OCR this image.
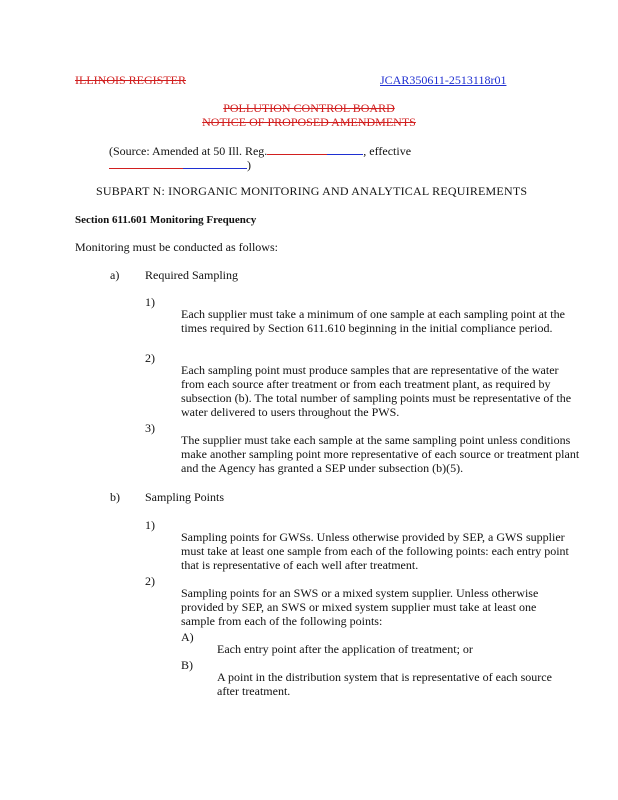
ILLINOIS REGISTER	JCAR350611-2513118r01

POLLUTION CONTROL BOARD

NOTICE OF PROPOSED AMENDMENTS

(Source: Amended at 50 Ill. Reg.	, effective
)

SUBPART N: INORGANIC MONITORING AND ANALYTICAL REQUIREMENTS

Section 611.601 Monitoring Frequency

Monitoring must be conducted as follows:

a) Required Sampling

1)

Each supplier must take a minimum of one sample at each sampling point at the times required by Section 611.610 beginning in the initial compliance period.

2)

Each sampling point must produce samples that are representative of the water from each source after treatment or from each treatment plant, as required by subsection (b). The total number of sampling points must be representative of the water delivered to users throughout the PWS.

3)

The supplier must take each sample at the same sampling point unless conditions make another sampling point more representative of each source or treatment plant and the Agency has granted a SEP under subsection (b)(5).

b) Sampling Points

1)

Sampling points for GWSs. Unless otherwise provided by SEP, a GWS supplier must take at least one sample from each of the following points: each entry point that is representative of each well after treatment.

2)

Sampling points for an SWS or a mixed system supplier. Unless otherwise provided by SEP, an SWS or mixed system supplier must take at least one sample from each of the following points:

A)

Each entry point after the application of treatment; or

B)

A point in the distribution system that is representative of each source after treatment.
